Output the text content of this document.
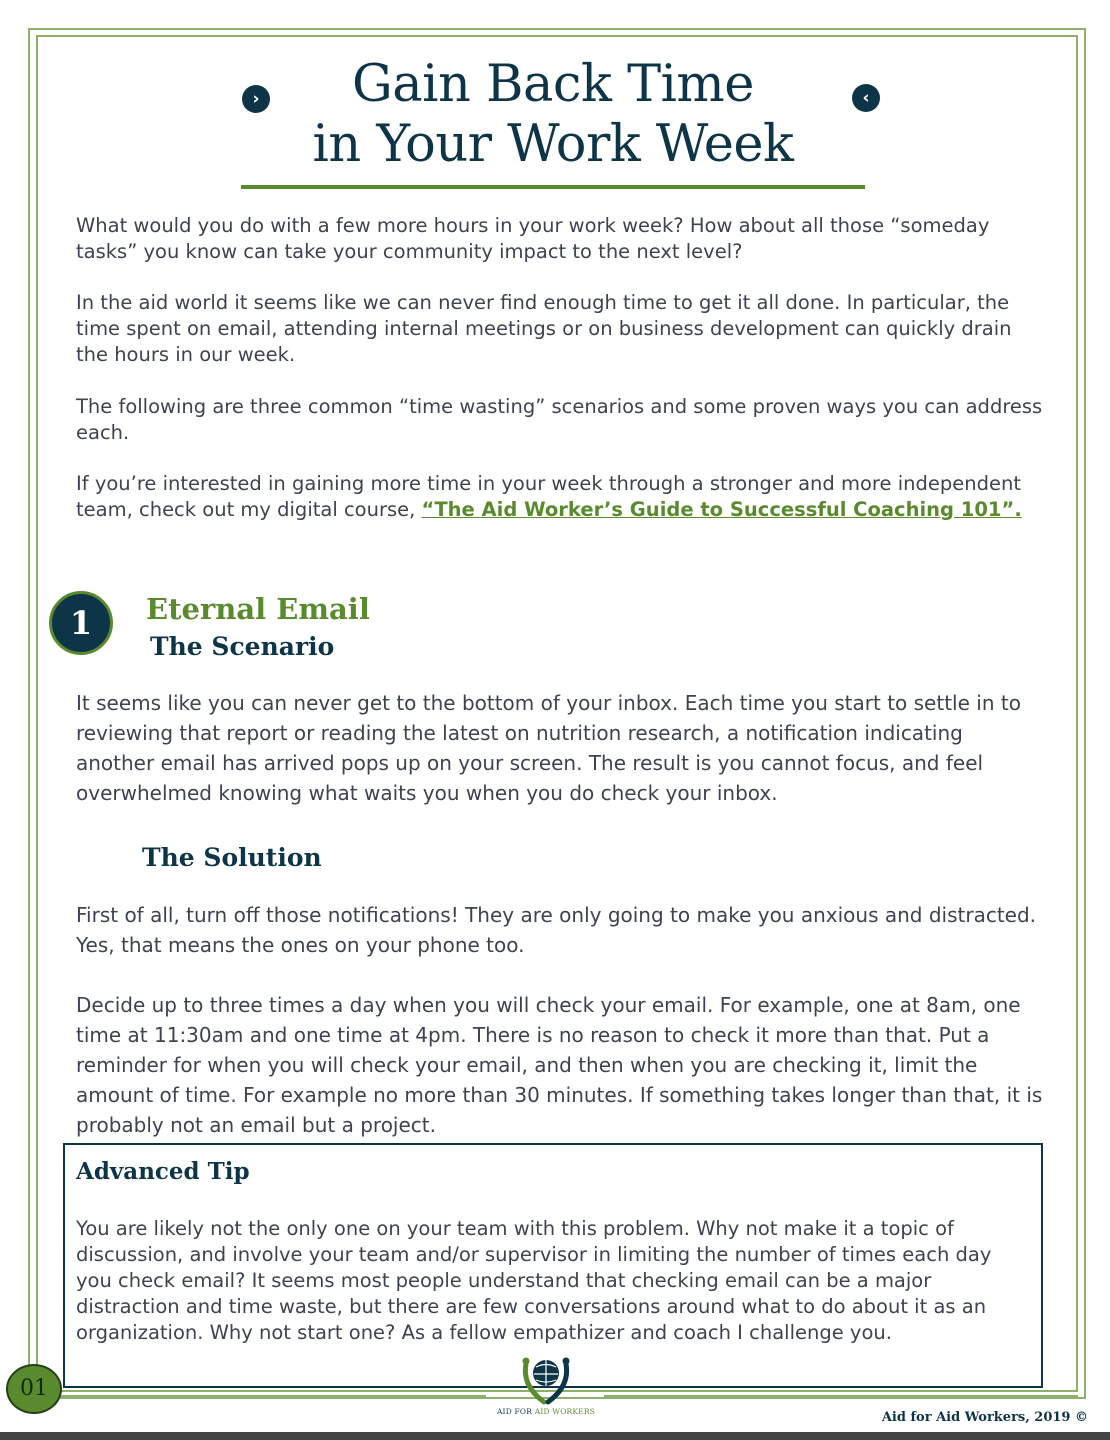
›	‹
Gain Back Time
in Your Work Week

What would you do with a few more hours in your work week? How about all those “someday tasks” you know can take your community impact to the next level?

In the aid world it seems like we can never find enough time to get it all done. In particular, the time spent on email, attending internal meetings or on business development can quickly drain the hours in our week.

The following are three common “time wasting” scenarios and some proven ways you can address each.

If you’re interested in gaining more time in your week through a stronger and more independent team, check out my digital course, “The Aid Worker’s Guide to Successful Coaching 101”.

1	Eternal Email
The Scenario

It seems like you can never get to the bottom of your inbox. Each time you start to settle in to reviewing that report or reading the latest on nutrition research, a notification indicating another email has arrived pops up on your screen. The result is you cannot focus, and feel overwhelmed knowing what waits you when you do check your inbox.

The Solution

First of all, turn off those notifications! They are only going to make you anxious and distracted. Yes, that means the ones on your phone too.

Decide up to three times a day when you will check your email. For example, one at 8am, one time at 11:30am and one time at 4pm. There is no reason to check it more than that. Put a reminder for when you will check your email, and then when you are checking it, limit the amount of time. For example no more than 30 minutes. If something takes longer than that, it is probably not an email but a project.

Advanced Tip

You are likely not the only one on your team with this problem. Why not make it a topic of discussion, and involve your team and/or supervisor in limiting the number of times each day you check email? It seems most people understand that checking email can be a major distraction and time waste, but there are few conversations around what to do about it as an organization. Why not start one? As a fellow empathizer and coach I challenge you.

01
AID FOR AID WORKERS	Aid for Aid Workers, 2019 ©
